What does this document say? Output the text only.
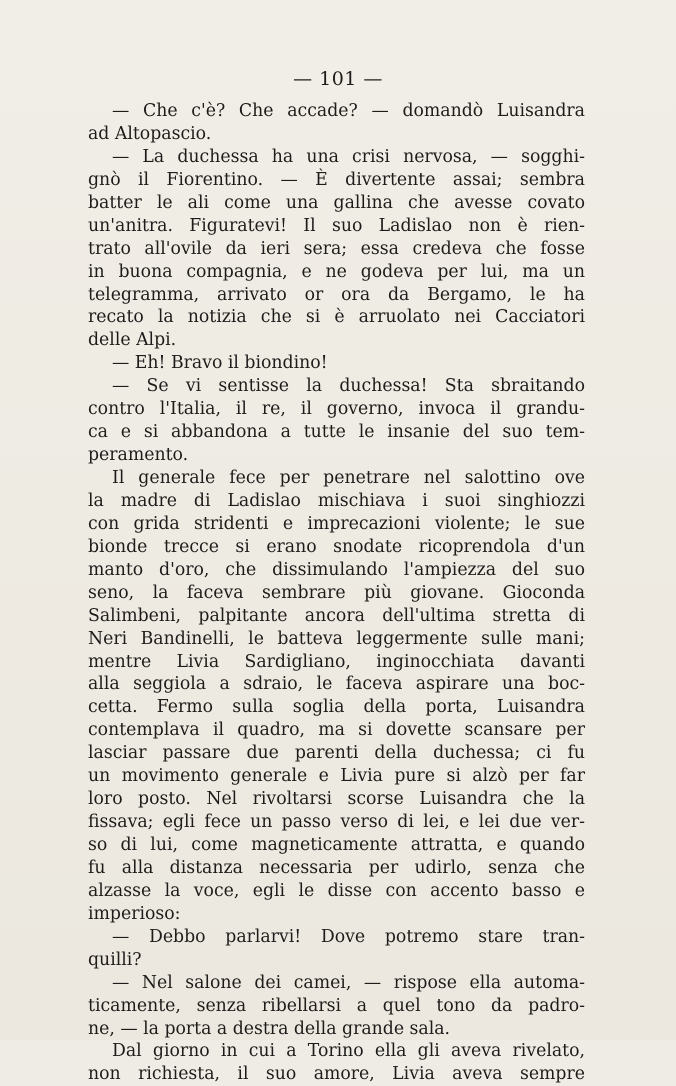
— 101 —
— Che c'è? Che accade? — domandò Luisandra
ad Altopascio.
— La duchessa ha una crisi nervosa, — sogghi-
gnò il Fiorentino. — È divertente assai; sembra
batter le ali come una gallina che avesse covato
un'anitra. Figuratevi! Il suo Ladislao non è rien-
trato all'ovile da ieri sera; essa credeva che fosse
in buona compagnia, e ne godeva per lui, ma un
telegramma, arrivato or ora da Bergamo, le ha
recato la notizia che si è arruolato nei Cacciatori
delle Alpi.
— Eh! Bravo il biondino!
— Se vi sentisse la duchessa! Sta sbraitando
contro l'Italia, il re, il governo, invoca il grandu-
ca e si abbandona a tutte le insanie del suo tem-
peramento.
Il generale fece per penetrare nel salottino ove
la madre di Ladislao mischiava i suoi singhiozzi
con grida stridenti e imprecazioni violente; le sue
bionde trecce si erano snodate ricoprendola d'un
manto d'oro, che dissimulando l'ampiezza del suo
seno, la faceva sembrare più giovane. Gioconda
Salimbeni, palpitante ancora dell'ultima stretta di
Neri Bandinelli, le batteva leggermente sulle mani;
mentre Livia Sardigliano, inginocchiata davanti
alla seggiola a sdraio, le faceva aspirare una boc-
cetta. Fermo sulla soglia della porta, Luisandra
contemplava il quadro, ma si dovette scansare per
lasciar passare due parenti della duchessa; ci fu
un movimento generale e Livia pure si alzò per far
loro posto. Nel rivoltarsi scorse Luisandra che la
fissava; egli fece un passo verso di lei, e lei due ver-
so di lui, come magneticamente attratta, e quando
fu alla distanza necessaria per udirlo, senza che
alzasse la voce, egli le disse con accento basso e
imperioso:
— Debbo parlarvi! Dove potremo stare tran-
quilli?
— Nel salone dei camei, — rispose ella automa-
ticamente, senza ribellarsi a quel tono da padro-
ne, — la porta a destra della grande sala.
Dal giorno in cui a Torino ella gli aveva rivelato,
non richiesta, il suo amore, Livia aveva sempre
